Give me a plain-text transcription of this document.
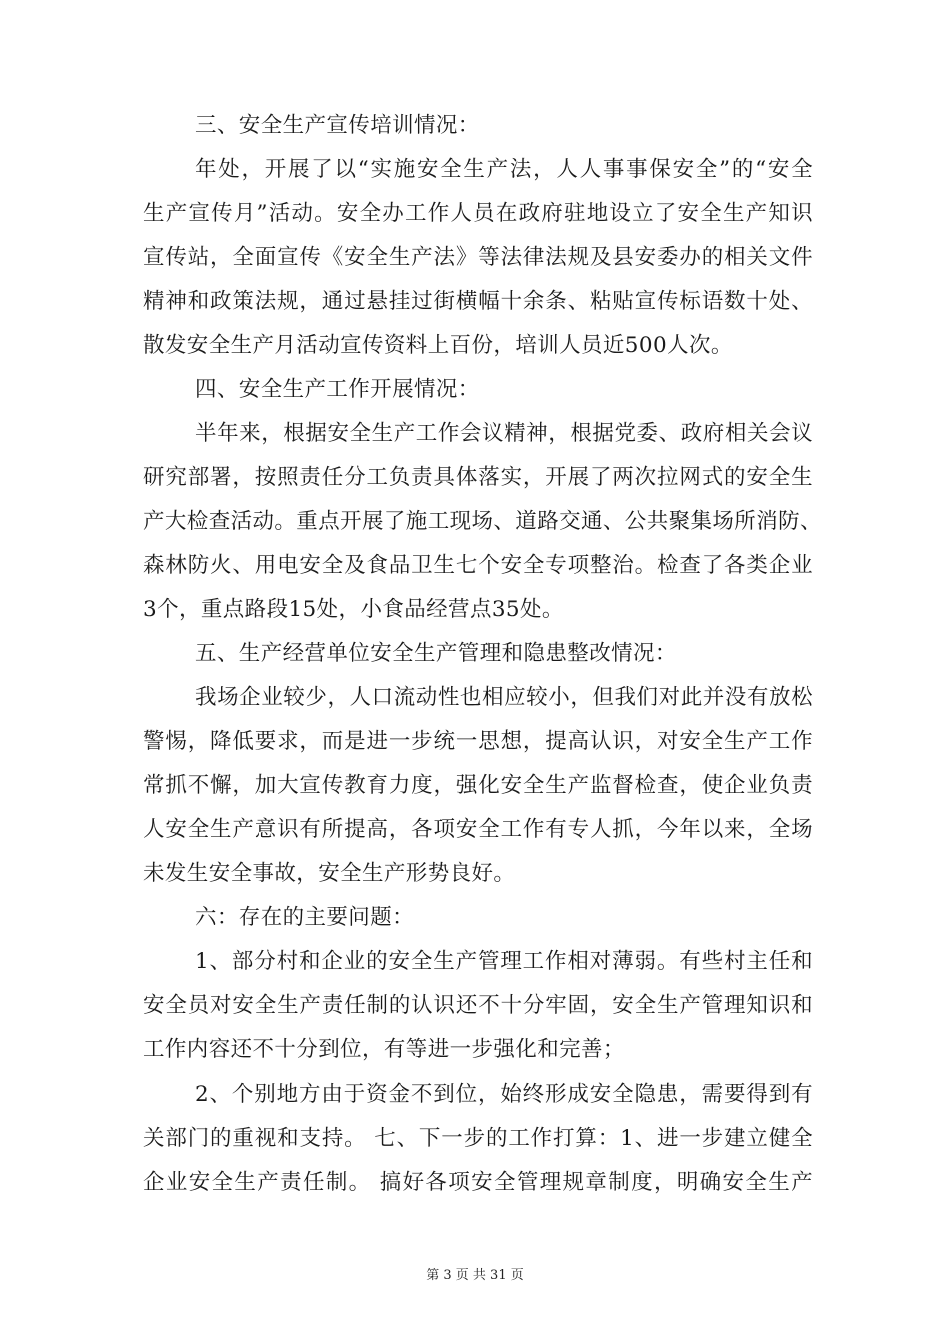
三、安全生产宣传培训情况：
年处，开展了以“实施安全生产法，人人事事保安全”的“安全
生产宣传月”活动。安全办工作人员在政府驻地设立了安全生产知识
宣传站，全面宣传《安全生产法》等法律法规及县安委办的相关文件
精神和政策法规，通过悬挂过街横幅十余条、粘贴宣传标语数十处、
散发安全生产月活动宣传资料上百份，培训人员近500人次。
四、安全生产工作开展情况：
半年来，根据安全生产工作会议精神，根据党委、政府相关会议
研究部署，按照责任分工负责具体落实，开展了两次拉网式的安全生
产大检查活动。重点开展了施工现场、道路交通、公共聚集场所消防、
森林防火、用电安全及食品卫生七个安全专项整治。检查了各类企业
3个，重点路段15处，小食品经营点35处。
五、生产经营单位安全生产管理和隐患整改情况：
我场企业较少，人口流动性也相应较小，但我们对此并没有放松
警惕，降低要求，而是进一步统一思想，提高认识，对安全生产工作
常抓不懈，加大宣传教育力度，强化安全生产监督检查，使企业负责
人安全生产意识有所提高，各项安全工作有专人抓，今年以来，全场
未发生安全事故，安全生产形势良好。
六：存在的主要问题：
1、部分村和企业的安全生产管理工作相对薄弱。有些村主任和
安全员对安全生产责任制的认识还不十分牢固，安全生产管理知识和
工作内容还不十分到位，有等进一步强化和完善；
2、个别地方由于资金不到位，始终形成安全隐患，需要得到有
关部门的重视和支持。 七、下一步的工作打算：1、进一步建立健全
企业安全生产责任制。 搞好各项安全管理规章制度，明确安全生产
第 3 页 共 31 页
